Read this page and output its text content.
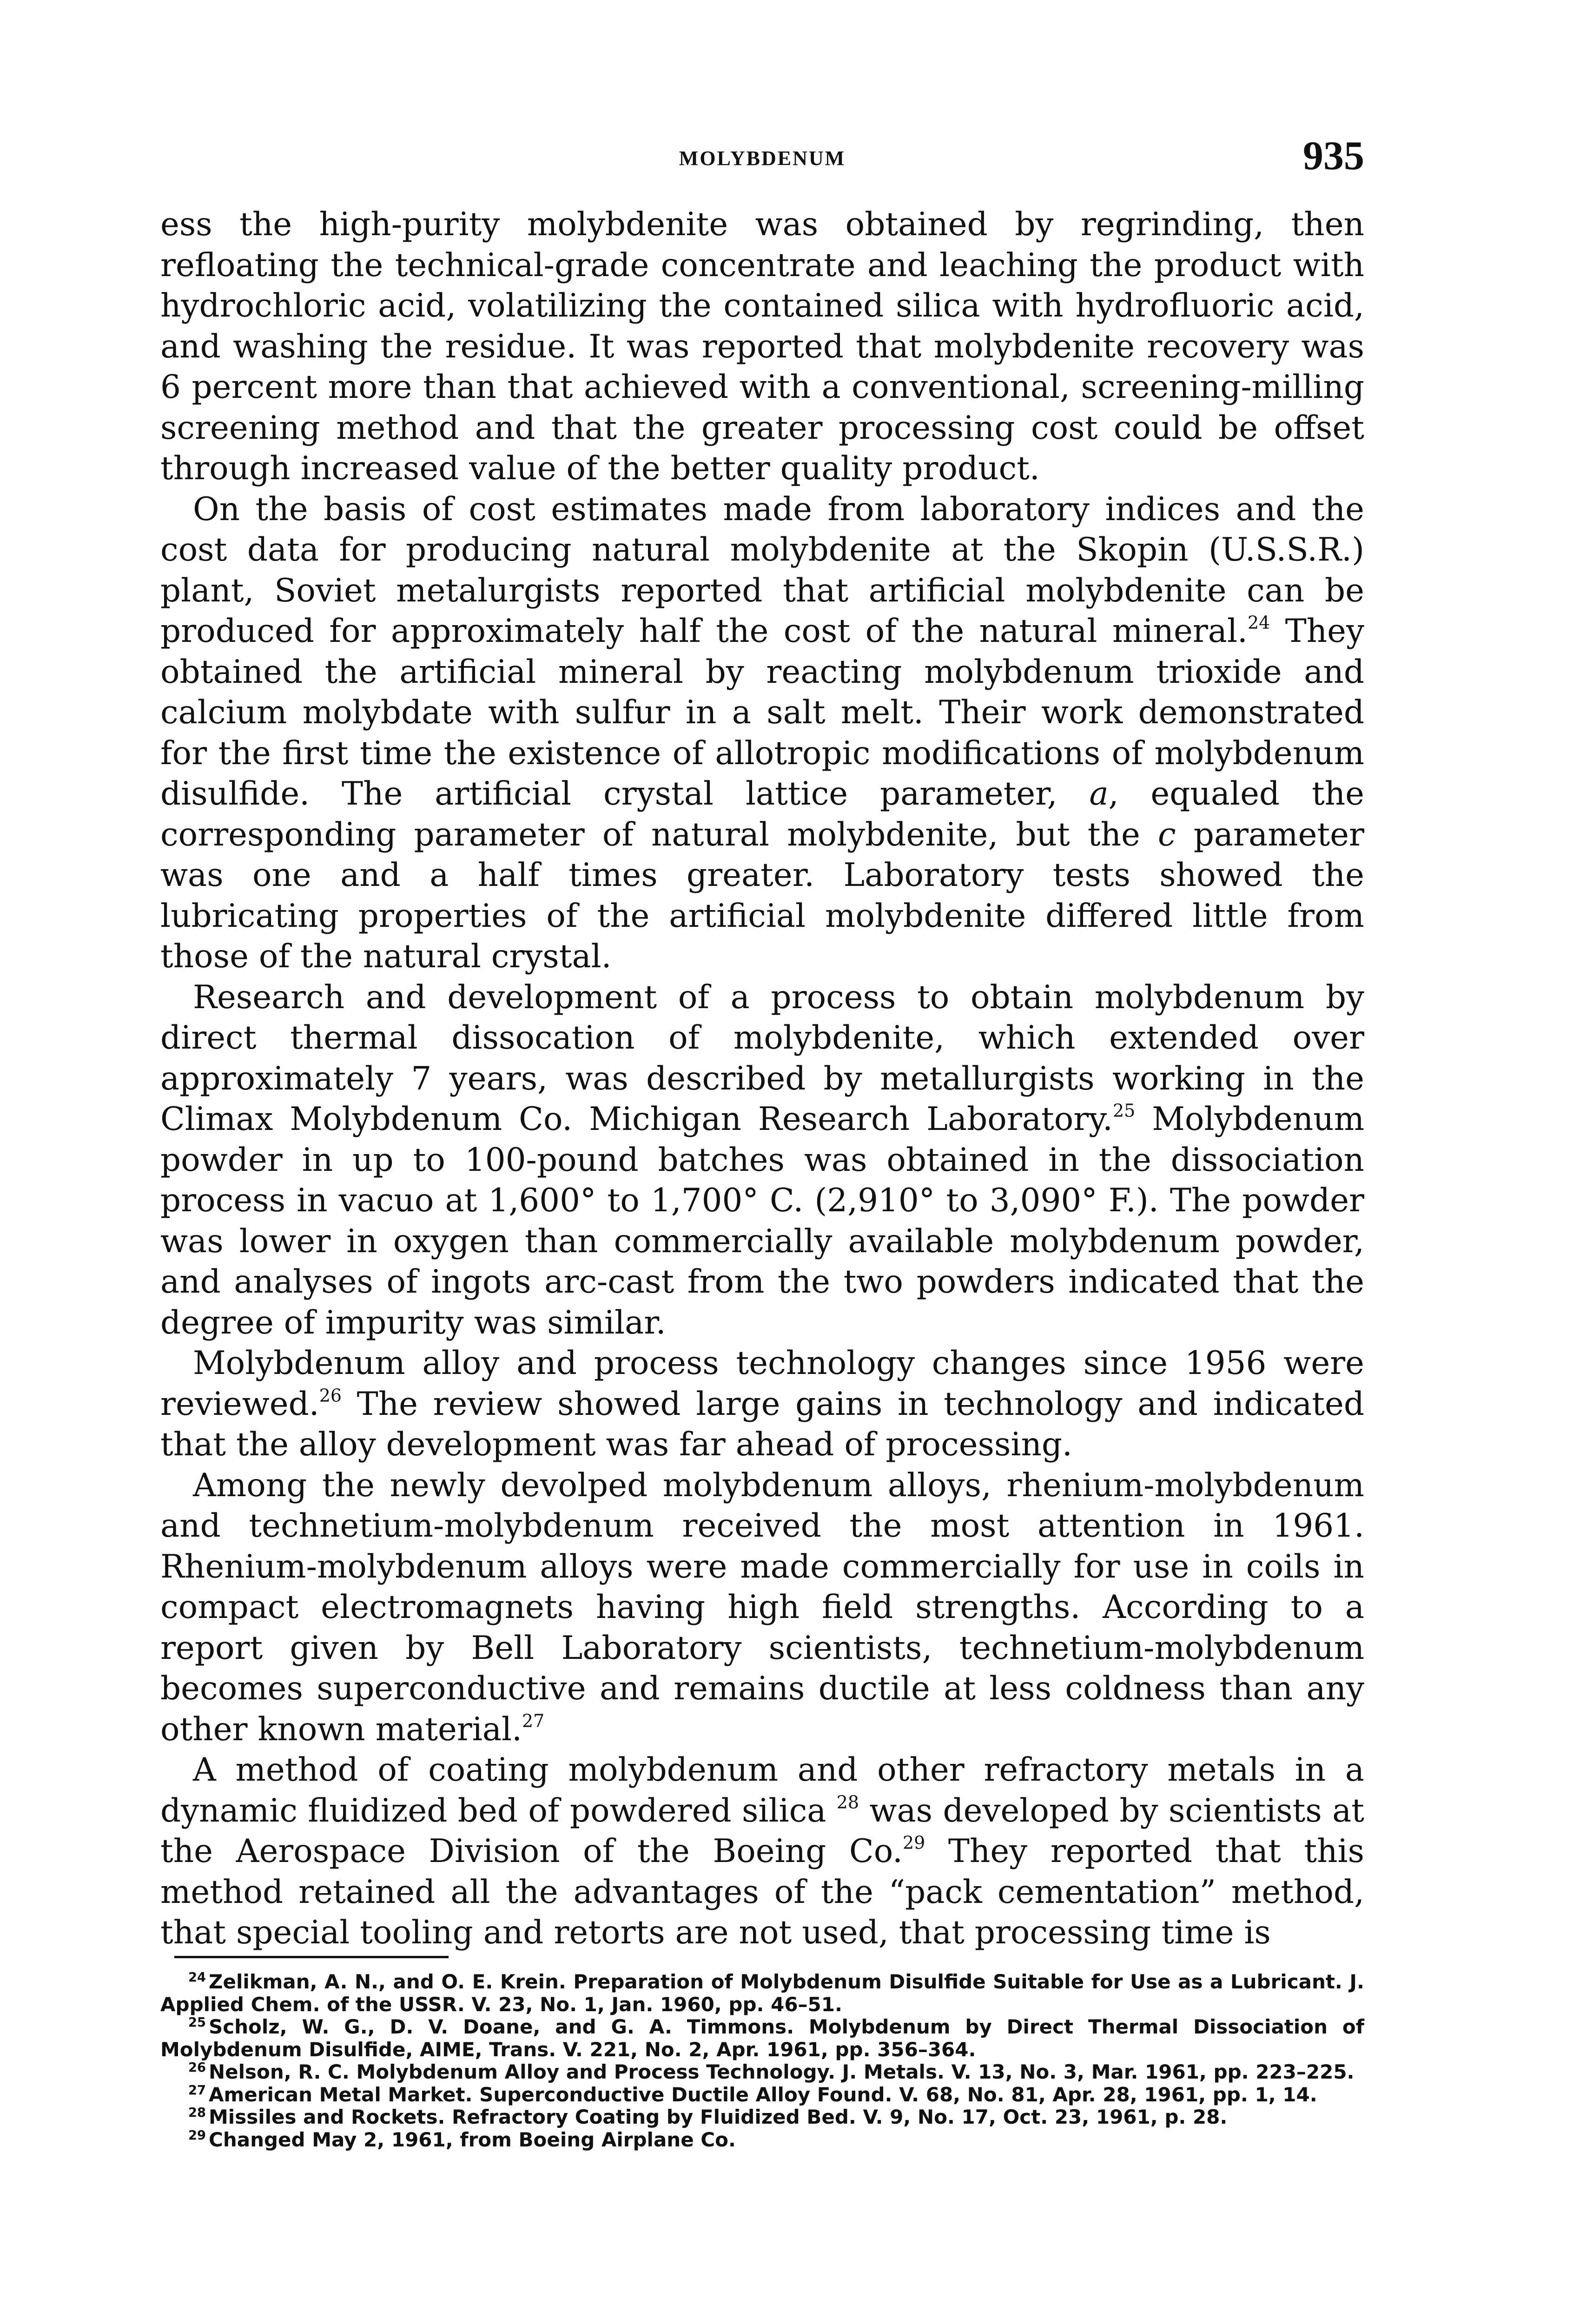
MOLYBDENUM	935

ess the high-purity molybdenite was obtained by regrinding, then refloating the technical-grade concentrate and leaching the product with hydrochloric acid, volatilizing the contained silica with hydrofluoric acid, and washing the residue. It was reported that molybdenite recovery was 6 percent more than that achieved with a conventional, screening-milling screening method and that the greater processing cost could be offset through increased value of the better quality product.

On the basis of cost estimates made from laboratory indices and the cost data for producing natural molybdenite at the Skopin (U.S.S.R.) plant, Soviet metalurgists reported that artificial molybdenite can be produced for approximately half the cost of the natural mineral.$^{24}$ They obtained the artificial mineral by reacting molybdenum trioxide and calcium molybdate with sulfur in a salt melt. Their work demonstrated for the first time the existence of allotropic modifications of molybdenum disulfide. The artificial crystal lattice parameter, a, equaled the corresponding parameter of natural molybdenite, but the c parameter was one and a half times greater. Laboratory tests showed the lubricating properties of the artificial molybdenite differed little from those of the natural crystal.

Research and development of a process to obtain molybdenum by direct thermal dissocation of molybdenite, which extended over approximately 7 years, was described by metallurgists working in the Climax Molybdenum Co. Michigan Research Laboratory.$^{25}$ Molybdenum powder in up to 100-pound batches was obtained in the dissociation process in vacuo at 1,600° to 1,700° C. (2,910° to 3,090° F.). The powder was lower in oxygen than commercially available molybdenum powder, and analyses of ingots arc-cast from the two powders indicated that the degree of impurity was similar.

Molybdenum alloy and process technology changes since 1956 were reviewed.$^{26}$ The review showed large gains in technology and indicated that the alloy development was far ahead of processing.

Among the newly devolped molybdenum alloys, rhenium-molybdenum and technetium-molybdenum received the most attention in 1961. Rhenium-molybdenum alloys were made commercially for use in coils in compact electromagnets having high field strengths. According to a report given by Bell Laboratory scientists, technetium-molybdenum becomes superconductive and remains ductile at less coldness than any other known material.$^{27}$

A method of coating molybdenum and other refractory metals in a dynamic fluidized bed of powdered silica $^{28}$ was developed by scientists at the Aerospace Division of the Boeing Co.$^{29}$ They reported that this method retained all the advantages of the “pack cementation” method, that special tooling and retorts are not used, that processing time is

$^{24}$ Zelikman, A. N., and O. E. Krein. Preparation of Molybdenum Disulfide Suitable for Use as a Lubricant. J. Applied Chem. of the USSR. V. 23, No. 1, Jan. 1960, pp. 46–51.

$^{25}$ Scholz, W. G., D. V. Doane, and G. A. Timmons. Molybdenum by Direct Thermal Dissociation of Molybdenum Disulfide, AIME, Trans. V. 221, No. 2, Apr. 1961, pp. 356–364.

$^{26}$ Nelson, R. C. Molybdenum Alloy and Process Technology. J. Metals. V. 13, No. 3, Mar. 1961, pp. 223–225.

$^{27}$ American Metal Market. Superconductive Ductile Alloy Found. V. 68, No. 81, Apr. 28, 1961, pp. 1, 14.

$^{28}$ Missiles and Rockets. Refractory Coating by Fluidized Bed. V. 9, No. 17, Oct. 23, 1961, p. 28.

$^{29}$ Changed May 2, 1961, from Boeing Airplane Co.
